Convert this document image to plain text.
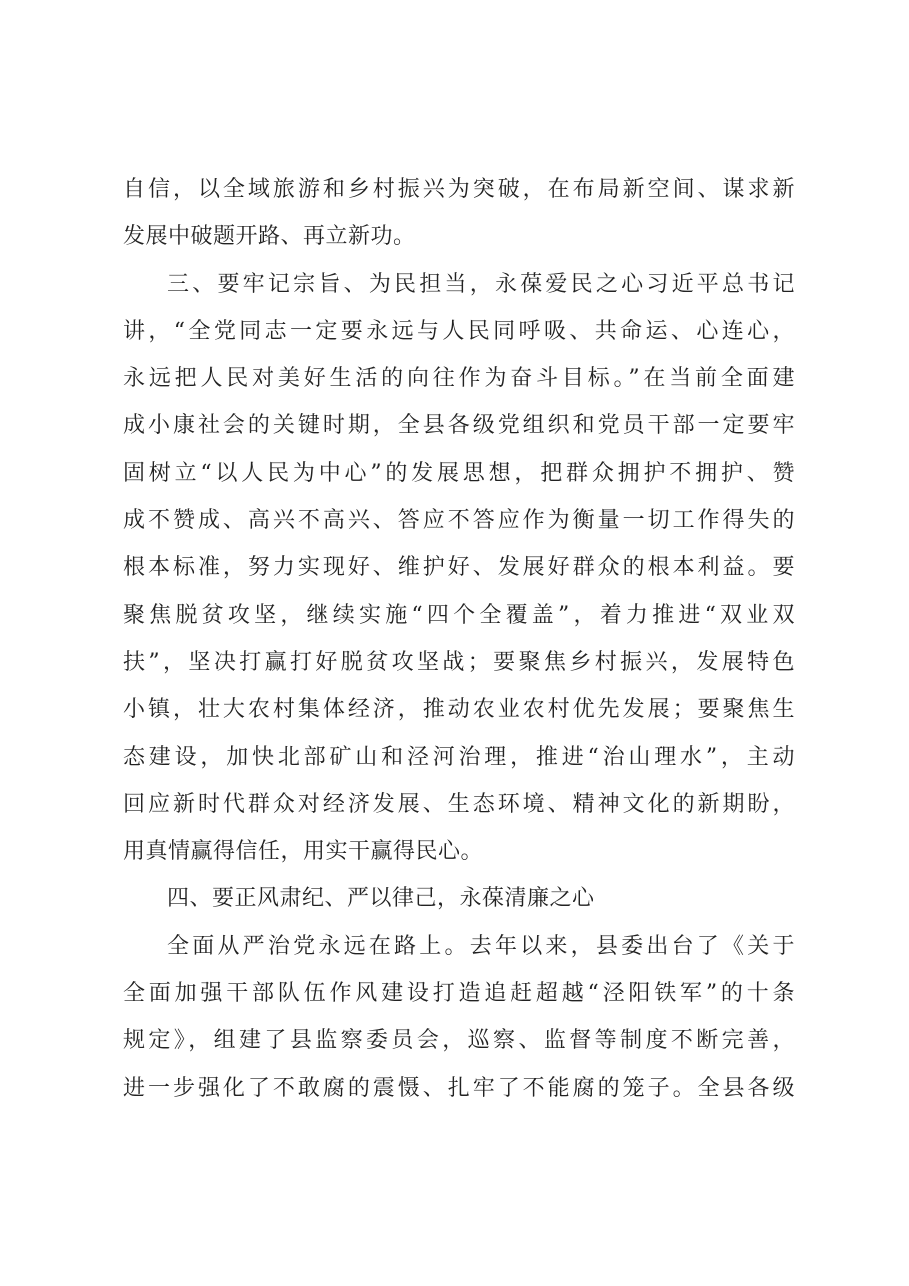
自信，以全域旅游和乡村振兴为突破，在布局新空间、谋求新
发展中破题开路、再立新功。
三、要牢记宗旨、为民担当，永葆爱民之心习近平总书记
讲，“全党同志一定要永远与人民同呼吸、共命运、心连心，
永远把人民对美好生活的向往作为奋斗目标。”在当前全面建
成小康社会的关键时期，全县各级党组织和党员干部一定要牢
固树立“以人民为中心”的发展思想，把群众拥护不拥护、赞
成不赞成、高兴不高兴、答应不答应作为衡量一切工作得失的
根本标准，努力实现好、维护好、发展好群众的根本利益。要
聚焦脱贫攻坚，继续实施“四个全覆盖”，着力推进“双业双
扶”，坚决打赢打好脱贫攻坚战；要聚焦乡村振兴，发展特色
小镇，壮大农村集体经济，推动农业农村优先发展；要聚焦生
态建设，加快北部矿山和泾河治理，推进“治山理水”，主动
回应新时代群众对经济发展、生态环境、精神文化的新期盼，
用真情赢得信任，用实干赢得民心。
四、要正风肃纪、严以律己，永葆清廉之心
全面从严治党永远在路上。去年以来，县委出台了《关于
全面加强干部队伍作风建设打造追赶超越“泾阳铁军”的十条
规定》，组建了县监察委员会，巡察、监督等制度不断完善，
进一步强化了不敢腐的震慑、扎牢了不能腐的笼子。全县各级
